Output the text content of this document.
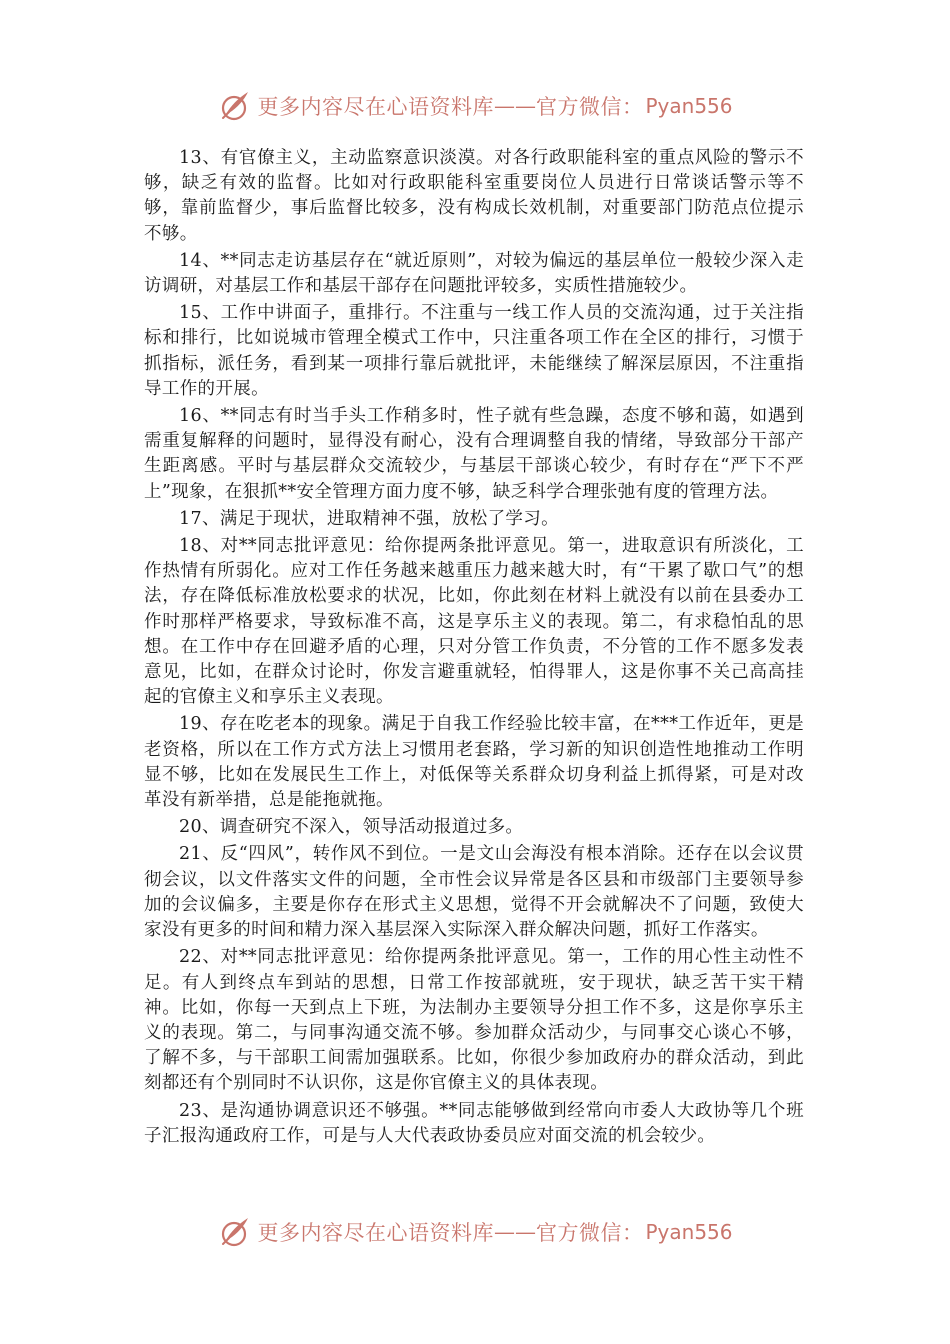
更多内容尽在心语资料库 —— 官方微信： Pyan556

13、有官僚主义，主动监察意识淡漠。对各行政职能科室的重点风险的警示不够，缺乏有效的监督。比如对行政职能科室重要岗位人员进行日常谈话警示等不够，靠前监督少，事后监督比较多，没有构成长效机制，对重要部门防范点位提示不够。

14、**同志走访基层存在“就近原则”，对较为偏远的基层单位一般较少深入走访调研，对基层工作和基层干部存在问题批评较多，实质性措施较少。

15、工作中讲面子，重排行。不注重与一线工作人员的交流沟通，过于关注指标和排行，比如说城市管理全模式工作中，只注重各项工作在全区的排行，习惯于抓指标，派任务，看到某一项排行靠后就批评，未能继续了解深层原因，不注重指导工作的开展。

16、**同志有时当手头工作稍多时，性子就有些急躁，态度不够和蔼，如遇到需重复解释的问题时，显得没有耐心，没有合理调整自我的情绪，导致部分干部产生距离感。平时与基层群众交流较少，与基层干部谈心较少，有时存在“严下不严上”现象，在狠抓**安全管理方面力度不够，缺乏科学合理张弛有度的管理方法。

17、满足于现状，进取精神不强，放松了学习。

18、对**同志批评意见：给你提两条批评意见。第一，进取意识有所淡化，工作热情有所弱化。应对工作任务越来越重压力越来越大时，有“干累了歇口气”的想法，存在降低标准放松要求的状况，比如，你此刻在材料上就没有以前在县委办工作时那样严格要求，导致标准不高，这是享乐主义的表现。第二，有求稳怕乱的思想。在工作中存在回避矛盾的心理，只对分管工作负责，不分管的工作不愿多发表意见，比如，在群众讨论时，你发言避重就轻，怕得罪人，这是你事不关己高高挂起的官僚主义和享乐主义表现。

19、存在吃老本的现象。满足于自我工作经验比较丰富，在***工作近年，更是老资格，所以在工作方式方法上习惯用老套路，学习新的知识创造性地推动工作明显不够，比如在发展民生工作上，对低保等关系群众切身利益上抓得紧，可是对改革没有新举措，总是能拖就拖。

20、调查研究不深入，领导活动报道过多。

21、反“四风”，转作风不到位。一是文山会海没有根本消除。还存在以会议贯彻会议，以文件落实文件的问题，全市性会议异常是各区县和市级部门主要领导参加的会议偏多，主要是你存在形式主义思想，觉得不开会就解决不了问题，致使大家没有更多的时间和精力深入基层深入实际深入群众解决问题，抓好工作落实。

22、对**同志批评意见：给你提两条批评意见。第一，工作的用心性主动性不足。有人到终点车到站的思想，日常工作按部就班，安于现状，缺乏苦干实干精神。比如，你每一天到点上下班，为法制办主要领导分担工作不多，这是你享乐主义的表现。第二，与同事沟通交流不够。参加群众活动少，与同事交心谈心不够，了解不多，与干部职工间需加强联系。比如，你很少参加政府办的群众活动，到此刻都还有个别同时不认识你，这是你官僚主义的具体表现。

23、是沟通协调意识还不够强。**同志能够做到经常向市委人大政协等几个班子汇报沟通政府工作，可是与人大代表政协委员应对面交流的机会较少。

更多内容尽在心语资料库 —— 官方微信： Pyan556
